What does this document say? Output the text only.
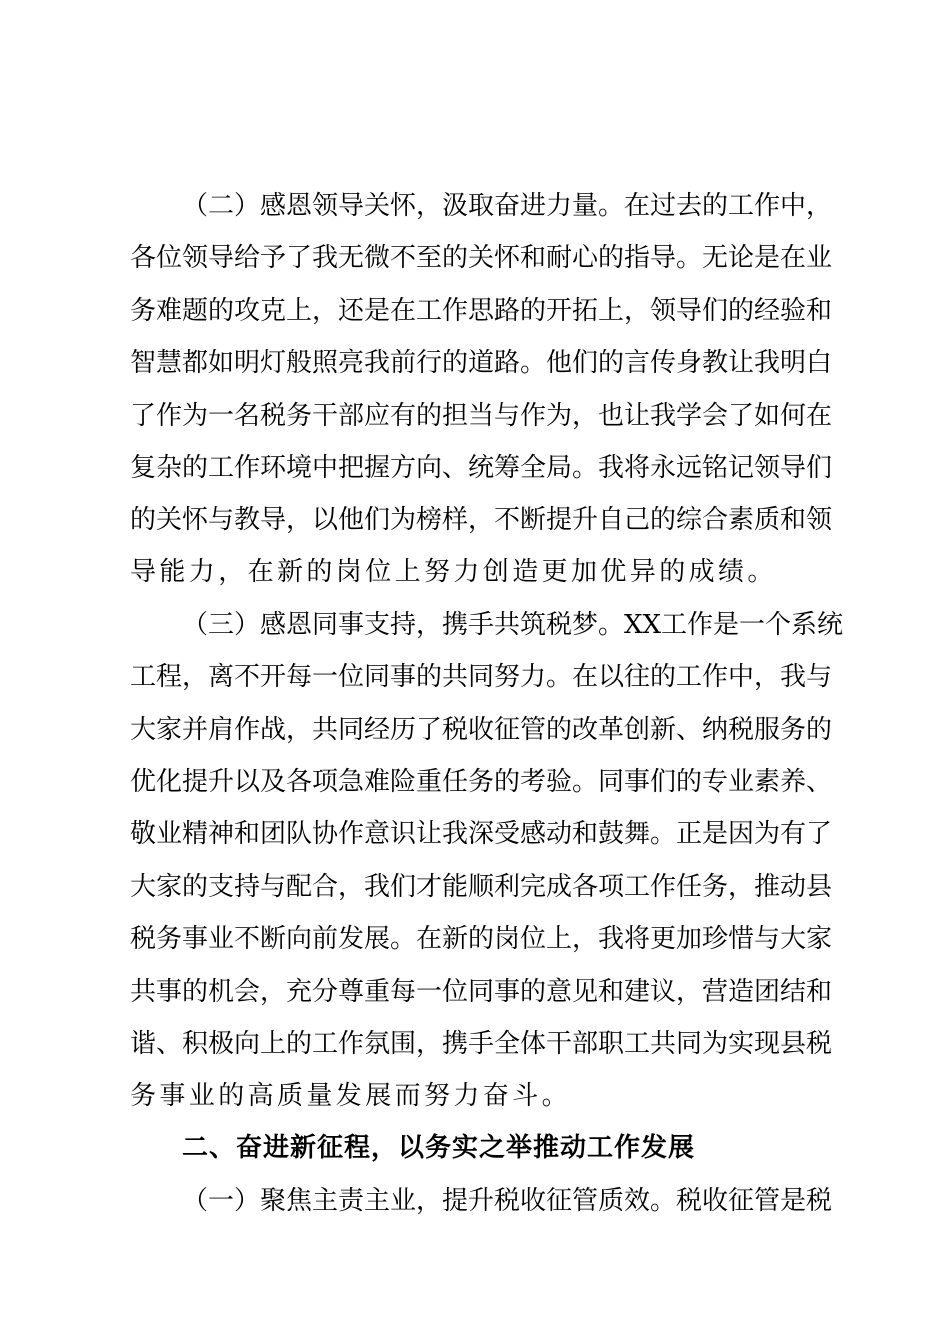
（二）感恩领导关怀，汲取奋进力量。在过去的工作中，
各位领导给予了我无微不至的关怀和耐心的指导。无论是在业
务难题的攻克上，还是在工作思路的开拓上，领导们的经验和
智慧都如明灯般照亮我前行的道路。他们的言传身教让我明白
了作为一名税务干部应有的担当与作为，也让我学会了如何在
复杂的工作环境中把握方向、统筹全局。我将永远铭记领导们
的关怀与教导，以他们为榜样，不断提升自己的综合素质和领
导能力，在新的岗位上努力创造更加优异的成绩。
（三）感恩同事支持，携手共筑税梦。XX工作是一个系统
工程，离不开每一位同事的共同努力。在以往的工作中，我与
大家并肩作战，共同经历了税收征管的改革创新、纳税服务的
优化提升以及各项急难险重任务的考验。同事们的专业素养、
敬业精神和团队协作意识让我深受感动和鼓舞。正是因为有了
大家的支持与配合，我们才能顺利完成各项工作任务，推动县
税务事业不断向前发展。在新的岗位上，我将更加珍惜与大家
共事的机会，充分尊重每一位同事的意见和建议，营造团结和
谐、积极向上的工作氛围，携手全体干部职工共同为实现县税
务事业的高质量发展而努力奋斗。
二、奋进新征程，以务实之举推动工作发展
（一）聚焦主责主业，提升税收征管质效。税收征管是税
